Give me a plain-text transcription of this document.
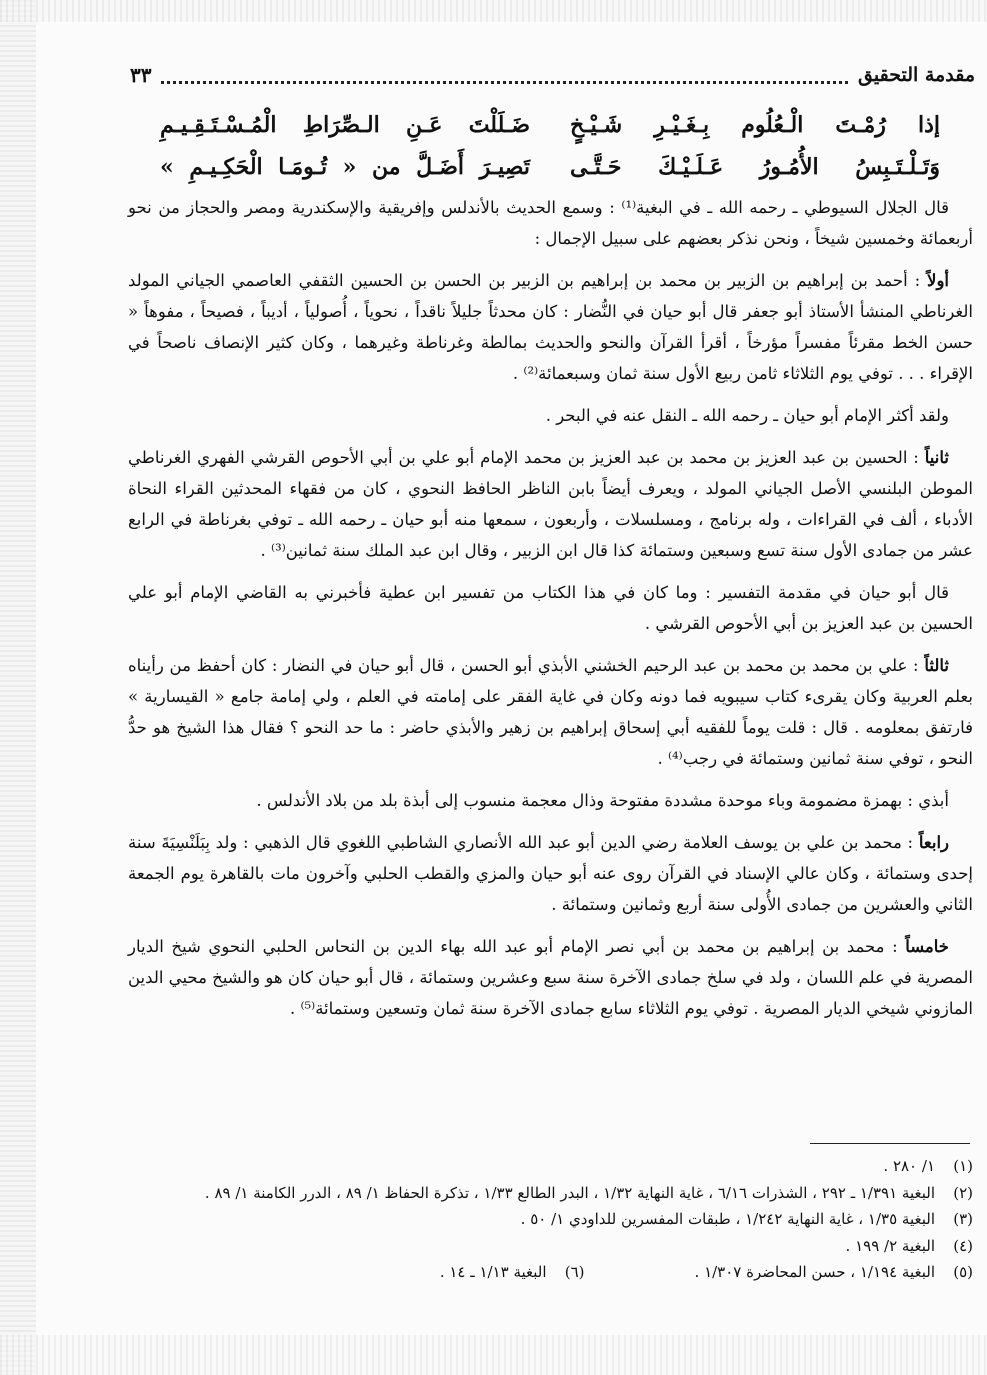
مقدمة التحقيق
٣٣
إذا رُمْـتَ الْـعُلُوم بِـغَـيْـرِ شَـيْـخٍ
ضَـلَلْتَ عَـنِ الـصِّرَاطِ الْمُـسْـتَـقِـيـمِ
وَتَـلْـتَـبِسُ الأُمُـورُ عَـلَـيْـكَ حَـتَّـى
تَصِيـرَ أَضَـلَّ من « تُـومَـا الْحَكِـيـمِ »

قال الجلال السيوطي ـ رحمه الله ـ في البغية⁽¹⁾ : وسمع الحديث بالأندلس وإفريقية والإسكندرية ومصر والحجاز من نحو أربعمائة وخمسين شيخاً ، ونحن نذكر بعضهم على سبيل الإجمال :

أولاً : أحمد بن إبراهيم بن الزبير بن محمد بن إبراهيم بن الزبير بن الحسن بن الحسين الثقفي العاصمي الجياني المولد الغرناطي المنشأ الأستاذ أبو جعفر قال أبو حيان في النُّضار : كان محدثاً جليلاً ناقداً ، نحوياً ، أُصولياً ، أديباً ، فصيحاً ، مفوهاً « حسن الخط مقرئاً مفسراً مؤرخاً ، أقرأ القرآن والنحو والحديث بمالطة وغرناطة وغيرهما ، وكان كثير الإنصاف ناصحاً في الإقراء . . . توفي يوم الثلاثاء ثامن ربيع الأول سنة ثمان وسبعمائة⁽²⁾ .

ولقد أكثر الإمام أبو حيان ـ رحمه الله ـ النقل عنه في البحر .

ثانياً : الحسين بن عبد العزيز بن محمد بن عبد العزيز بن محمد الإمام أبو علي بن أبي الأحوص القرشي الفهري الغرناطي الموطن البلنسي الأصل الجياني المولد ، ويعرف أيضاً بابن الناظر الحافظ النحوي ، كان من فقهاء المحدثين القراء النحاة الأدباء ، ألف في القراءات ، وله برنامج ، ومسلسلات ، وأربعون ، سمعها منه أبو حيان ـ رحمه الله ـ توفي بغرناطة في الرابع عشر من جمادى الأول سنة تسع وسبعين وستمائة كذا قال ابن الزبير ، وقال ابن عبد الملك سنة ثمانين⁽³⁾ .

قال أبو حيان في مقدمة التفسير : وما كان في هذا الكتاب من تفسير ابن عطية فأخبرني به القاضي الإمام أبو علي الحسين بن عبد العزيز بن أبي الأحوص القرشي .

ثالثاً : علي بن محمد بن محمد بن عبد الرحيم الخشني الأبذي أبو الحسن ، قال أبو حيان في النضار : كان أحفظ من رأيناه بعلم العربية وكان يقرىء كتاب سيبويه فما دونه وكان في غاية الفقر على إمامته في العلم ، ولي إمامة جامع « القيسارية » فارتفق بمعلومه . قال : قلت يوماً للفقيه أبي إسحاق إبراهيم بن زهير والأبذي حاضر : ما حد النحو ؟ فقال هذا الشيخ هو حدُّ النحو ، توفي سنة ثمانين وستمائة في رجب⁽⁴⁾ .

أبذي : بهمزة مضمومة وباء موحدة مشددة مفتوحة وذال معجمة منسوب إلى أبذة بلد من بلاد الأندلس .

رابعاً : محمد بن علي بن يوسف العلامة رضي الدين أبو عبد الله الأنصاري الشاطبي اللغوي قال الذهبي : ولد بِبَلَنْسِيَةَ سنة إحدى وستمائة ، وكان عالي الإسناد في القرآن روى عنه أبو حيان والمزي والقطب الحلبي وآخرون مات بالقاهرة يوم الجمعة الثاني والعشرين من جمادى الأُولى سنة أربع وثمانين وستمائة .

خامساً : محمد بن إبراهيم بن محمد بن أبي نصر الإمام أبو عبد الله بهاء الدين بن النحاس الحلبي النحوي شيخ الديار المصرية في علم اللسان ، ولد في سلخ جمادى الآخرة سنة سبع وعشرين وستمائة ، قال أبو حيان كان هو والشيخ محيي الدين المازوني شيخي الديار المصرية . توفي يوم الثلاثاء سابع جمادى الآخرة سنة ثمان وتسعين وستمائة⁽⁵⁾ .

(١)
١/ ٢٨٠ .
(٢)
البغية ١/٣٩١ ـ ٢٩٢ ، الشذرات ٦/١٦ ، غاية النهاية ١/٣٢ ، البدر الطالع ١/٣٣ ، تذكرة الحفاظ ١/ ٨٩ ، الدرر الكامنة ١/ ٨٩ .
(٣)
البغية ١/٣٥ ، غاية النهاية ١/٢٤٢ ، طبقات المفسرين للداودي ١/ ٥٠ .
(٤)
البغية ٢/ ١٩٩ .
(٥)
البغية ١/١٩٤ ، حسن المحاضرة ١/٣٠٧ .
(٦)
البغية ١/١٣ ـ ١٤ .
